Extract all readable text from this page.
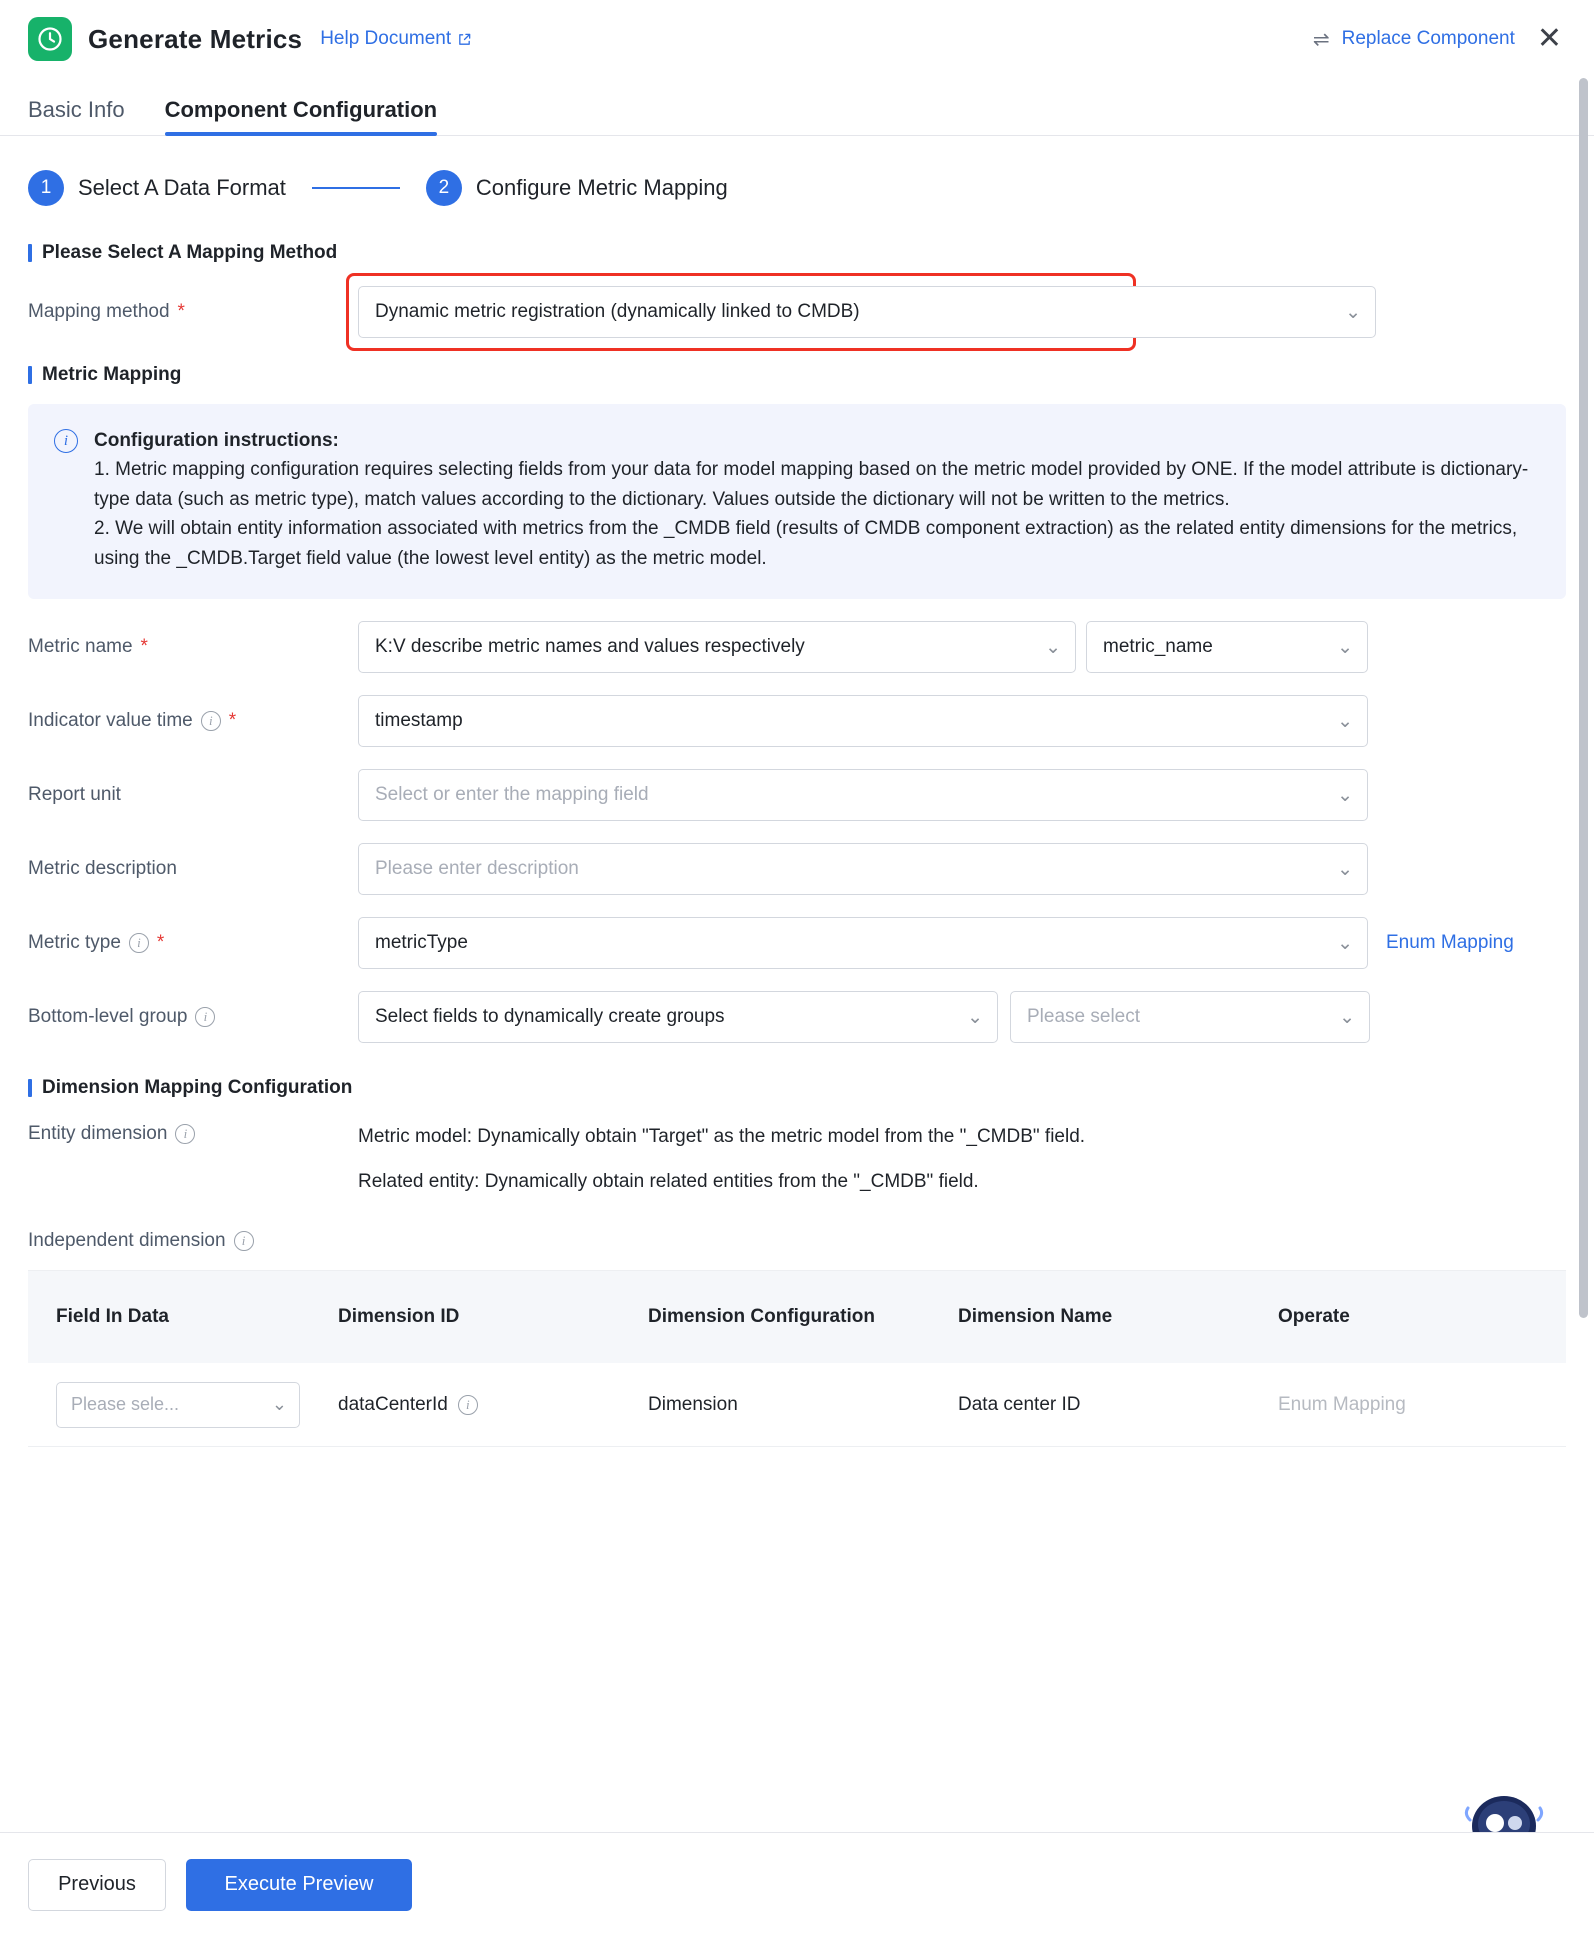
Generate Metrics Help Document	⇌ Replace Component ✕
Basic Info Component Configuration
1	Select A Data Format	2	Configure Metric Mapping
Please Select A Mapping Method
Mapping method *	Dynamic metric registration (dynamically linked to CMDB)	⌄
Metric Mapping
i	Configuration instructions:

1. Metric mapping configuration requires selecting fields from your data for model mapping based on the metric model provided by ONE. If the model attribute is dictionary-type data (such as metric type), match values according to the dictionary. Values outside the dictionary will not be written to the metrics.

2. We will obtain entity information associated with metrics from the _CMDB field (results of CMDB component extraction) as the related entity dimensions for the metrics, using the _CMDB.Target field value (the lowest level entity) as the metric model.

Metric name *	K:V describe metric names and values respectively	⌄ metric_name	⌄
Indicator value time	i *	timestamp	⌄
Report unit	Select or enter the mapping field	⌄
Metric description	Please enter description	⌄
Metric type	i *	metricType	⌄ Enum Mapping
Bottom-level group	i	Select fields to dynamically create groups	⌄ Please select	⌄
Dimension Mapping Configuration
Entity dimension	i	Metric model: Dynamically obtain "Target" as the metric model from the "_CMDB" field.
Related entity: Dynamically obtain related entities from the "_CMDB" field.
Independent dimension	i
Field In Data	Dimension ID	Dimension Configuration	Dimension Name	Operate
Please sele...	⌄	dataCenterId	i	Dimension	Data center ID	Enum Mapping
Previous	Execute Preview
